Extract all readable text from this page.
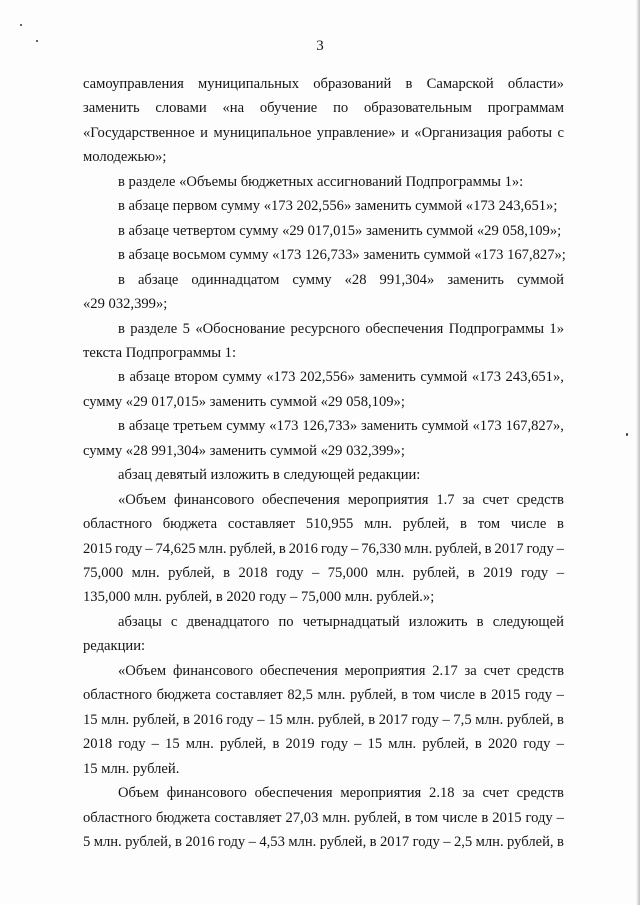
3
самоуправления муниципальных образований в Самарской области»
заменить словами «на обучение по образовательным программам
«Государственное и муниципальное управление» и «Организация работы с
молодежью»;
в разделе «Объемы бюджетных ассигнований Подпрограммы 1»:
в абзаце первом сумму «173 202,556» заменить суммой «173 243,651»;
в абзаце четвертом сумму «29 017,015» заменить суммой «29 058,109»;
в абзаце восьмом сумму «173 126,733» заменить суммой «173 167,827»;
в абзаце одиннадцатом сумму «28 991,304» заменить суммой
«29 032,399»;
в разделе 5 «Обоснование ресурсного обеспечения Подпрограммы 1»
текста Подпрограммы 1:
в абзаце втором сумму «173 202,556» заменить суммой «173 243,651»,
сумму «29 017,015» заменить суммой «29 058,109»;
в абзаце третьем сумму «173 126,733» заменить суммой «173 167,827»,
сумму «28 991,304» заменить суммой «29 032,399»;
абзац девятый изложить в следующей редакции:
«Объем финансового обеспечения мероприятия 1.7 за счет средств
областного бюджета составляет 510,955 млн. рублей, в том числе в
2015 году – 74,625 млн. рублей, в 2016 году – 76,330 млн. рублей, в 2017 году –
75,000 млн. рублей, в 2018 году – 75,000 млн. рублей, в 2019 году –
135,000 млн. рублей, в 2020 году – 75,000 млн. рублей.»;
абзацы с двенадцатого по четырнадцатый изложить в следующей
редакции:
«Объем финансового обеспечения мероприятия 2.17 за счет средств
областного бюджета составляет 82,5 млн. рублей, в том числе в 2015 году –
15 млн. рублей, в 2016 году – 15 млн. рублей, в 2017 году – 7,5 млн. рублей, в
2018 году – 15 млн. рублей, в 2019 году – 15 млн. рублей, в 2020 году –
15 млн. рублей.
Объем финансового обеспечения мероприятия 2.18 за счет средств
областного бюджета составляет 27,03 млн. рублей, в том числе в 2015 году –
5 млн. рублей, в 2016 году – 4,53 млн. рублей, в 2017 году – 2,5 млн. рублей, в
